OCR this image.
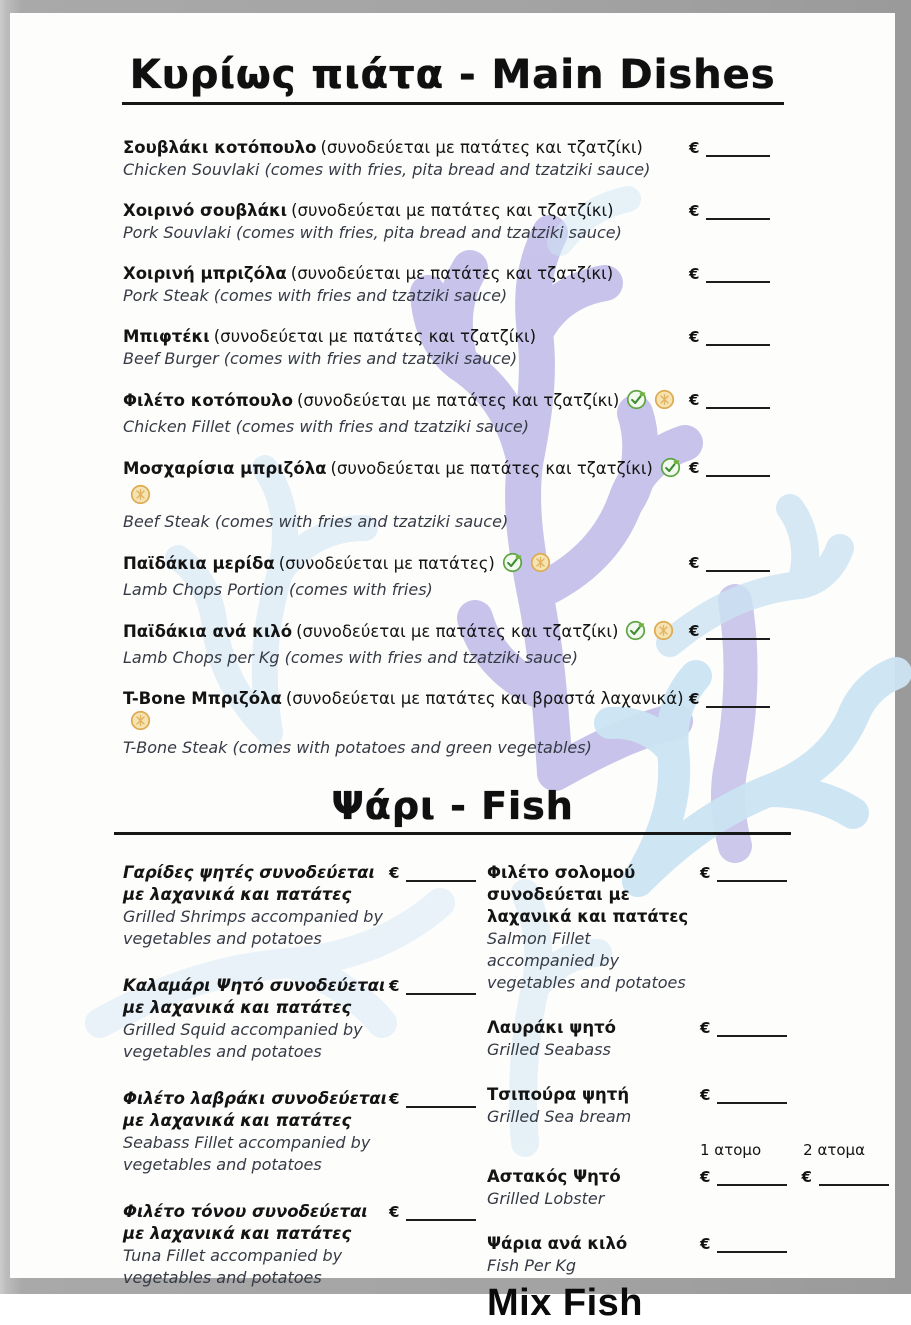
Κυρίως πιάτα - Main Dishes
Σουβλάκι κοτόπουλο (συνοδεύεται με πατάτες και τζατζίκι)
Chicken Souvlaki (comes with fries, pita bread and tzatziki sauce)
€
Χοιρινό σουβλάκι (συνοδεύεται με πατάτες και τζατζίκι)
Pork Souvlaki (comes with fries, pita bread and tzatziki sauce)
€
Χοιρινή μπριζόλα (συνοδεύεται με πατάτες και τζατζίκι)
Pork Steak (comes with fries and tzatziki sauce)
€
Μπιφτέκι (συνοδεύεται με πατάτες και τζατζίκι)
Beef Burger (comes with fries and tzatziki sauce)
€
Φιλέτο κοτόπουλο (συνοδεύεται με πατάτες και τζατζίκι)
Chicken Fillet (comes with fries and tzatziki sauce)
€
Μοσχαρίσια μπριζόλα (συνοδεύεται με πατάτες και τζατζίκι)
Beef Steak (comes with fries and tzatziki sauce)
€
Παϊδάκια μερίδα (συνοδεύεται με πατάτες)
Lamb Chops Portion (comes with fries)
€
Παϊδάκια ανά κιλό (συνοδεύεται με πατάτες και τζατζίκι)
Lamb Chops per Kg (comes with fries and tzatziki sauce)
€
T-Bone Μπριζόλα (συνοδεύεται με πατάτες και βραστά λαχανικά)
T-Bone Steak (comes with potatoes and green vegetables)
€
Ψάρι - Fish
Γαρίδες ψητές συνοδεύεται με λαχανικά και πατάτες
Grilled Shrimps accompanied by vegetables and potatoes
€
Καλαμάρι Ψητό συνοδεύεται με λαχανικά και πατάτες
Grilled Squid accompanied by vegetables and potatoes
€
Φιλέτο λαβράκι συνοδεύεται με λαχανικά και πατάτες
Seabass Fillet accompanied by vegetables and potatoes
€
Φιλέτο τόνου συνοδεύεται με λαχανικά και πατάτες
Tuna Fillet accompanied by vegetables and potatoes
€
Φιλέτο σολομού συνοδεύεται με λαχανικά και πατάτες
Salmon Fillet accompanied by vegetables and potatoes
€
Λαυράκι ψητό
Grilled Seabass
€
Τσιπούρα ψητή
Grilled Sea bream
€
1 ατομο	2 ατομα
Αστακός Ψητό
Grilled Lobster
€	€
Ψάρια ανά κιλό
Fish Per Kg
€
Mix Fish
